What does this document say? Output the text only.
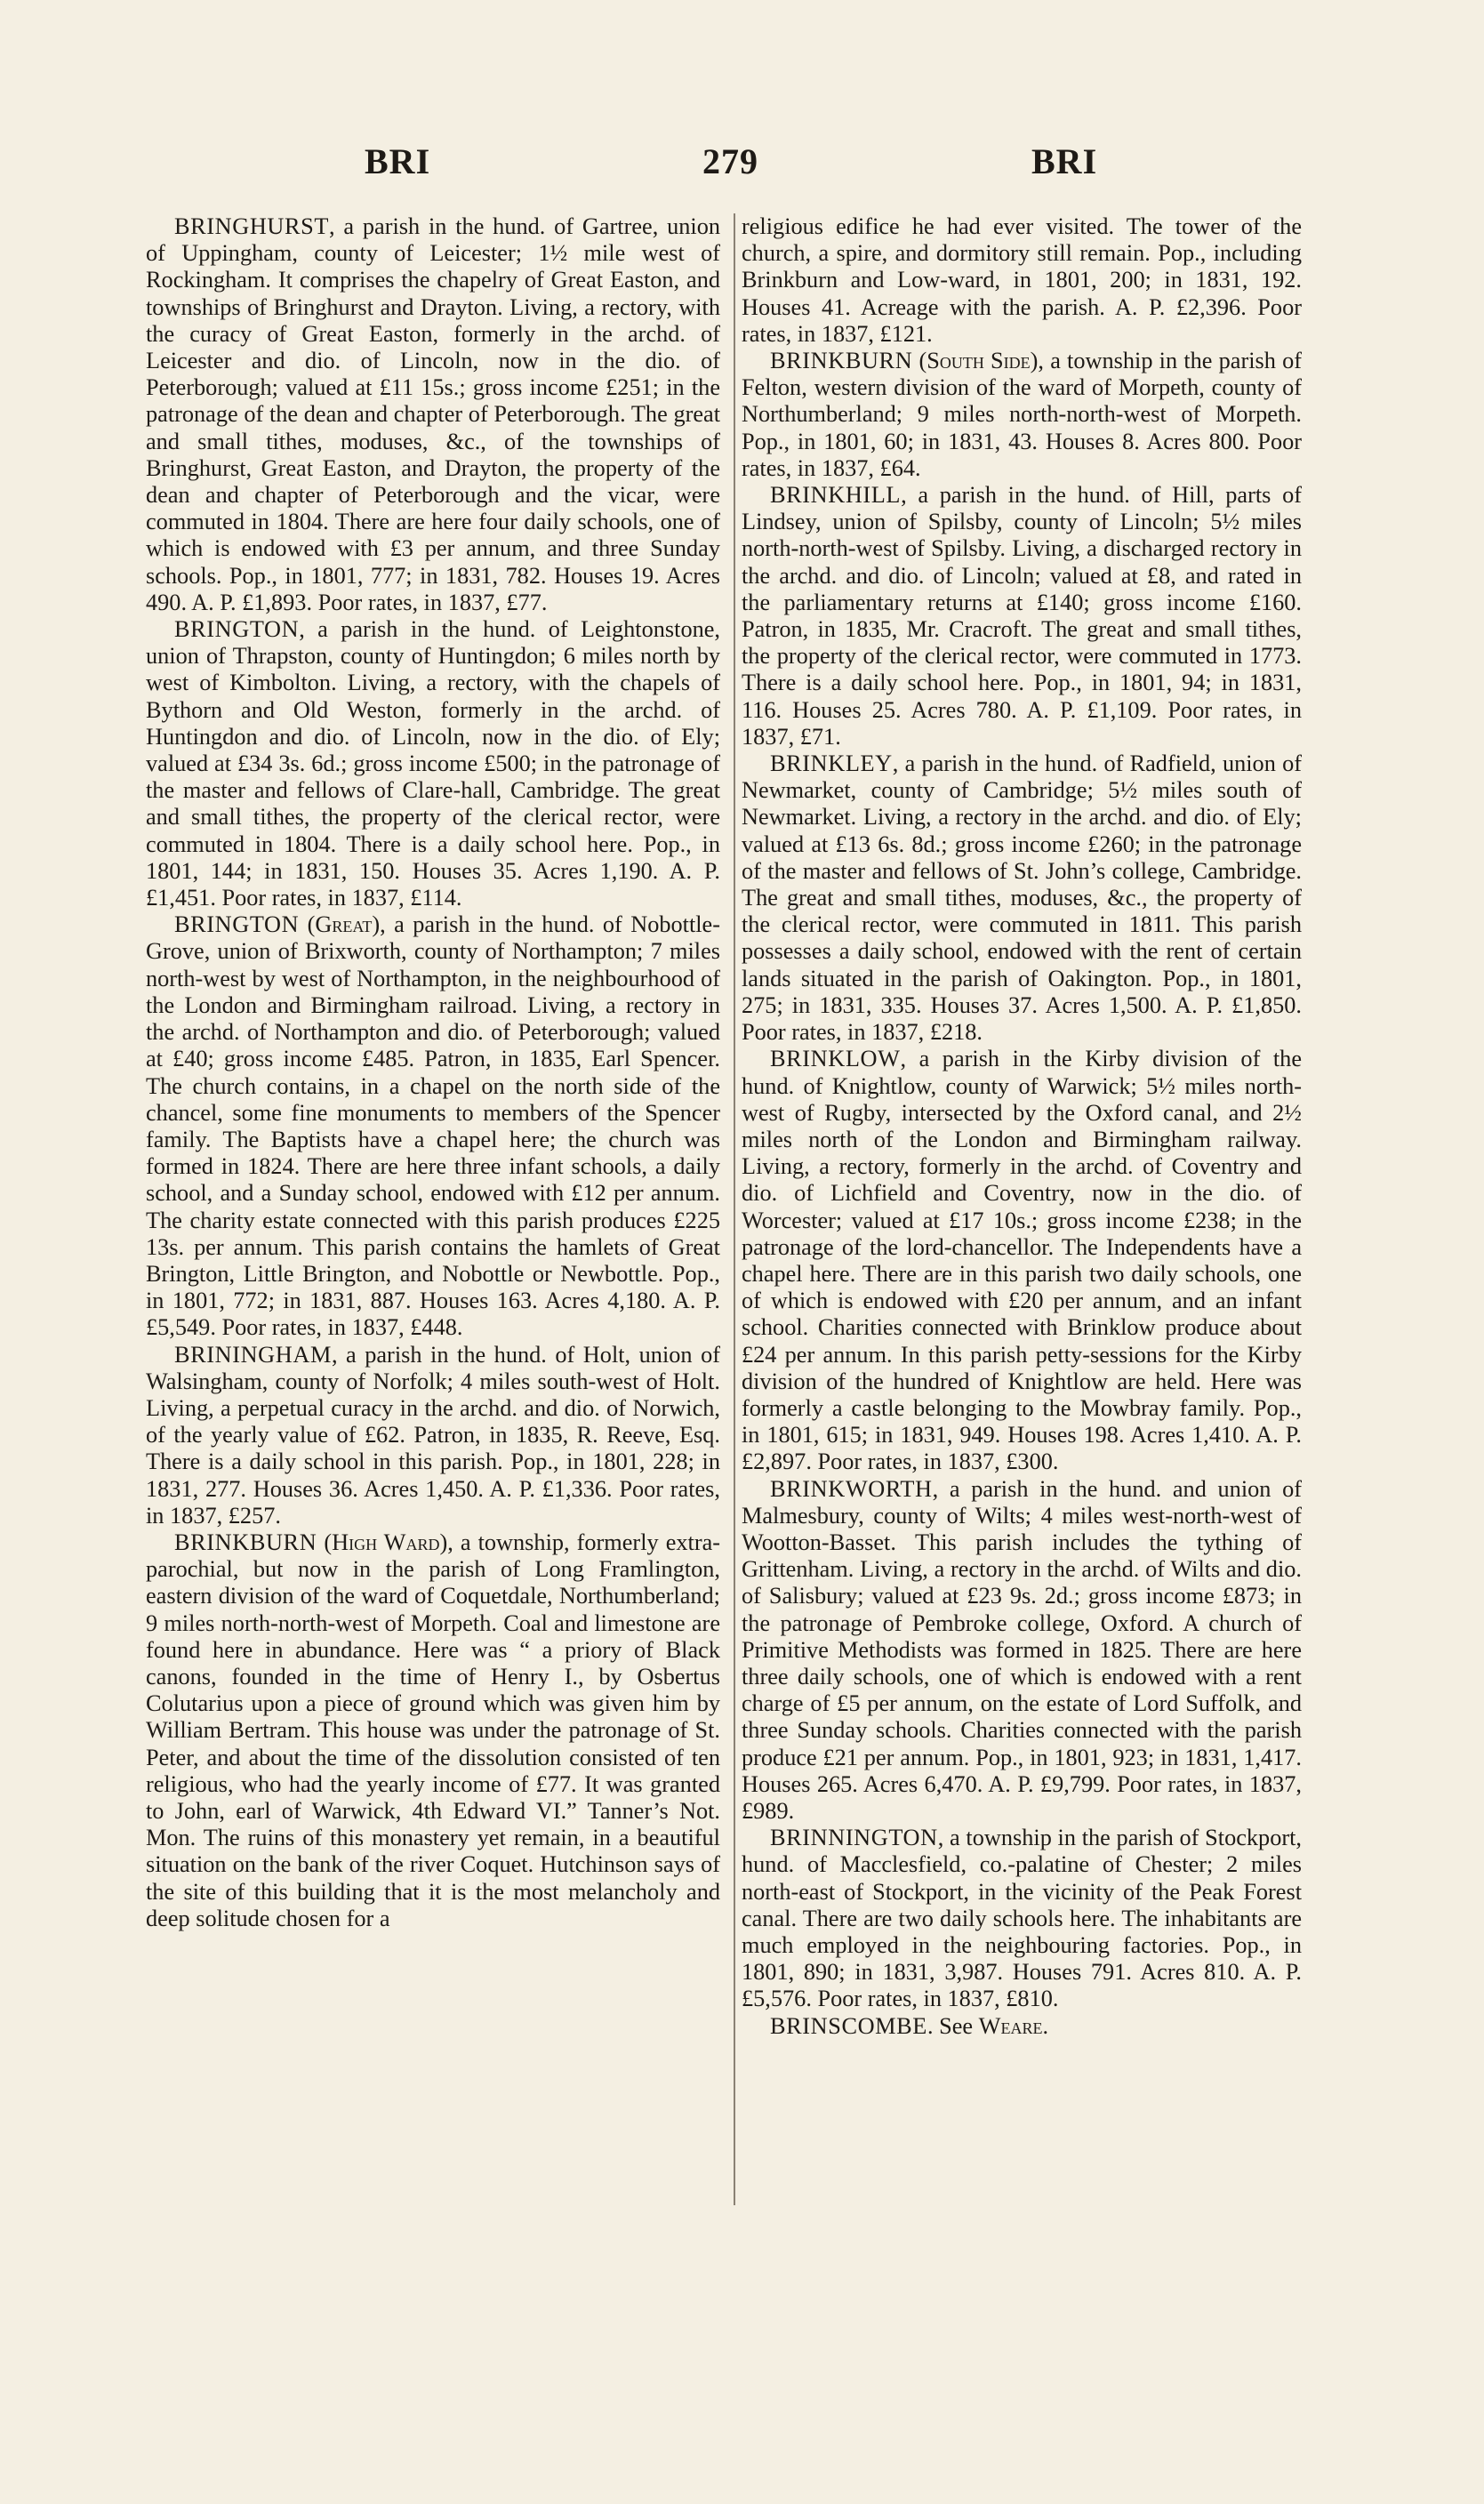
BRI	279	BRI

BRINGHURST, a parish in the hund. of Gartree, union of Uppingham, county of Leicester; 1½ mile west of Rockingham. It comprises the chapelry of Great Easton, and townships of Bringhurst and Drayton. Living, a rectory, with the curacy of Great Easton, formerly in the archd. of Leicester and dio. of Lincoln, now in the dio. of Peterborough; valued at £11 15s.; gross income £251; in the patronage of the dean and chapter of Peterborough. The great and small tithes, moduses, &c., of the townships of Bringhurst, Great Easton, and Drayton, the property of the dean and chapter of Peterborough and the vicar, were commuted in 1804. There are here four daily schools, one of which is endowed with £3 per annum, and three Sunday schools. Pop., in 1801, 777; in 1831, 782. Houses 19. Acres 490. A. P. £1,893. Poor rates, in 1837, £77.

BRINGTON, a parish in the hund. of Leightonstone, union of Thrapston, county of Huntingdon; 6 miles north by west of Kimbolton. Living, a rectory, with the chapels of Bythorn and Old Weston, formerly in the archd. of Huntingdon and dio. of Lincoln, now in the dio. of Ely; valued at £34 3s. 6d.; gross income £500; in the patronage of the master and fellows of Clare-hall, Cambridge. The great and small tithes, the property of the clerical rector, were commuted in 1804. There is a daily school here. Pop., in 1801, 144; in 1831, 150. Houses 35. Acres 1,190. A. P. £1,451. Poor rates, in 1837, £114.

BRINGTON (Great), a parish in the hund. of Nobottle-Grove, union of Brixworth, county of Northampton; 7 miles north-west by west of Northampton, in the neighbourhood of the London and Birmingham railroad. Living, a rectory in the archd. of Northampton and dio. of Peterborough; valued at £40; gross income £485. Patron, in 1835, Earl Spencer. The church contains, in a chapel on the north side of the chancel, some fine monuments to members of the Spencer family. The Baptists have a chapel here; the church was formed in 1824. There are here three infant schools, a daily school, and a Sunday school, endowed with £12 per annum. The charity estate connected with this parish produces £225 13s. per annum. This parish contains the hamlets of Great Brington, Little Brington, and Nobottle or Newbottle. Pop., in 1801, 772; in 1831, 887. Houses 163. Acres 4,180. A. P. £5,549. Poor rates, in 1837, £448.

BRININGHAM, a parish in the hund. of Holt, union of Walsingham, county of Norfolk; 4 miles south-west of Holt. Living, a perpetual curacy in the archd. and dio. of Norwich, of the yearly value of £62. Patron, in 1835, R. Reeve, Esq. There is a daily school in this parish. Pop., in 1801, 228; in 1831, 277. Houses 36. Acres 1,450. A. P. £1,336. Poor rates, in 1837, £257.

BRINKBURN (High Ward), a township, formerly extra-parochial, but now in the parish of Long Framlington, eastern division of the ward of Coquetdale, Northumberland; 9 miles north-north-west of Morpeth. Coal and limestone are found here in abundance. Here was “ a priory of Black canons, founded in the time of Henry I., by Osbertus Colutarius upon a piece of ground which was given him by William Bertram. This house was under the patronage of St. Peter, and about the time of the dissolution consisted of ten religious, who had the yearly income of £77. It was granted to John, earl of Warwick, 4th Edward VI.” Tanner’s Not. Mon. The ruins of this monastery yet remain, in a beautiful situation on the bank of the river Coquet. Hutchinson says of the site of this building that it is the most melancholy and deep solitude chosen for a

religious edifice he had ever visited. The tower of the church, a spire, and dormitory still remain. Pop., including Brinkburn and Low-ward, in 1801, 200; in 1831, 192. Houses 41. Acreage with the parish. A. P. £2,396. Poor rates, in 1837, £121.

BRINKBURN (South Side), a township in the parish of Felton, western division of the ward of Morpeth, county of Northumberland; 9 miles north-north-west of Morpeth. Pop., in 1801, 60; in 1831, 43. Houses 8. Acres 800. Poor rates, in 1837, £64.

BRINKHILL, a parish in the hund. of Hill, parts of Lindsey, union of Spilsby, county of Lincoln; 5½ miles north-north-west of Spilsby. Living, a discharged rectory in the archd. and dio. of Lincoln; valued at £8, and rated in the parliamentary returns at £140; gross income £160. Patron, in 1835, Mr. Cracroft. The great and small tithes, the property of the clerical rector, were commuted in 1773. There is a daily school here. Pop., in 1801, 94; in 1831, 116. Houses 25. Acres 780. A. P. £1,109. Poor rates, in 1837, £71.

BRINKLEY, a parish in the hund. of Radfield, union of Newmarket, county of Cambridge; 5½ miles south of Newmarket. Living, a rectory in the archd. and dio. of Ely; valued at £13 6s. 8d.; gross income £260; in the patronage of the master and fellows of St. John’s college, Cambridge. The great and small tithes, moduses, &c., the property of the clerical rector, were commuted in 1811. This parish possesses a daily school, endowed with the rent of certain lands situated in the parish of Oakington. Pop., in 1801, 275; in 1831, 335. Houses 37. Acres 1,500. A. P. £1,850. Poor rates, in 1837, £218.

BRINKLOW, a parish in the Kirby division of the hund. of Knightlow, county of Warwick; 5½ miles north-west of Rugby, intersected by the Oxford canal, and 2½ miles north of the London and Birmingham railway. Living, a rectory, formerly in the archd. of Coventry and dio. of Lichfield and Coventry, now in the dio. of Worcester; valued at £17 10s.; gross income £238; in the patronage of the lord-chancellor. The Independents have a chapel here. There are in this parish two daily schools, one of which is endowed with £20 per annum, and an infant school. Charities connected with Brinklow produce about £24 per annum. In this parish petty-sessions for the Kirby division of the hundred of Knightlow are held. Here was formerly a castle belonging to the Mowbray family. Pop., in 1801, 615; in 1831, 949. Houses 198. Acres 1,410. A. P. £2,897. Poor rates, in 1837, £300.

BRINKWORTH, a parish in the hund. and union of Malmesbury, county of Wilts; 4 miles west-north-west of Wootton-Basset. This parish includes the tything of Grittenham. Living, a rectory in the archd. of Wilts and dio. of Salisbury; valued at £23 9s. 2d.; gross income £873; in the patronage of Pembroke college, Oxford. A church of Primitive Methodists was formed in 1825. There are here three daily schools, one of which is endowed with a rent charge of £5 per annum, on the estate of Lord Suffolk, and three Sunday schools. Charities connected with the parish produce £21 per annum. Pop., in 1801, 923; in 1831, 1,417. Houses 265. Acres 6,470. A. P. £9,799. Poor rates, in 1837, £989.

BRINNINGTON, a township in the parish of Stockport, hund. of Macclesfield, co.-palatine of Chester; 2 miles north-east of Stockport, in the vicinity of the Peak Forest canal. There are two daily schools here. The inhabitants are much employed in the neighbouring factories. Pop., in 1801, 890; in 1831, 3,987. Houses 791. Acres 810. A. P. £5,576. Poor rates, in 1837, £810.

BRINSCOMBE. See Weare.
